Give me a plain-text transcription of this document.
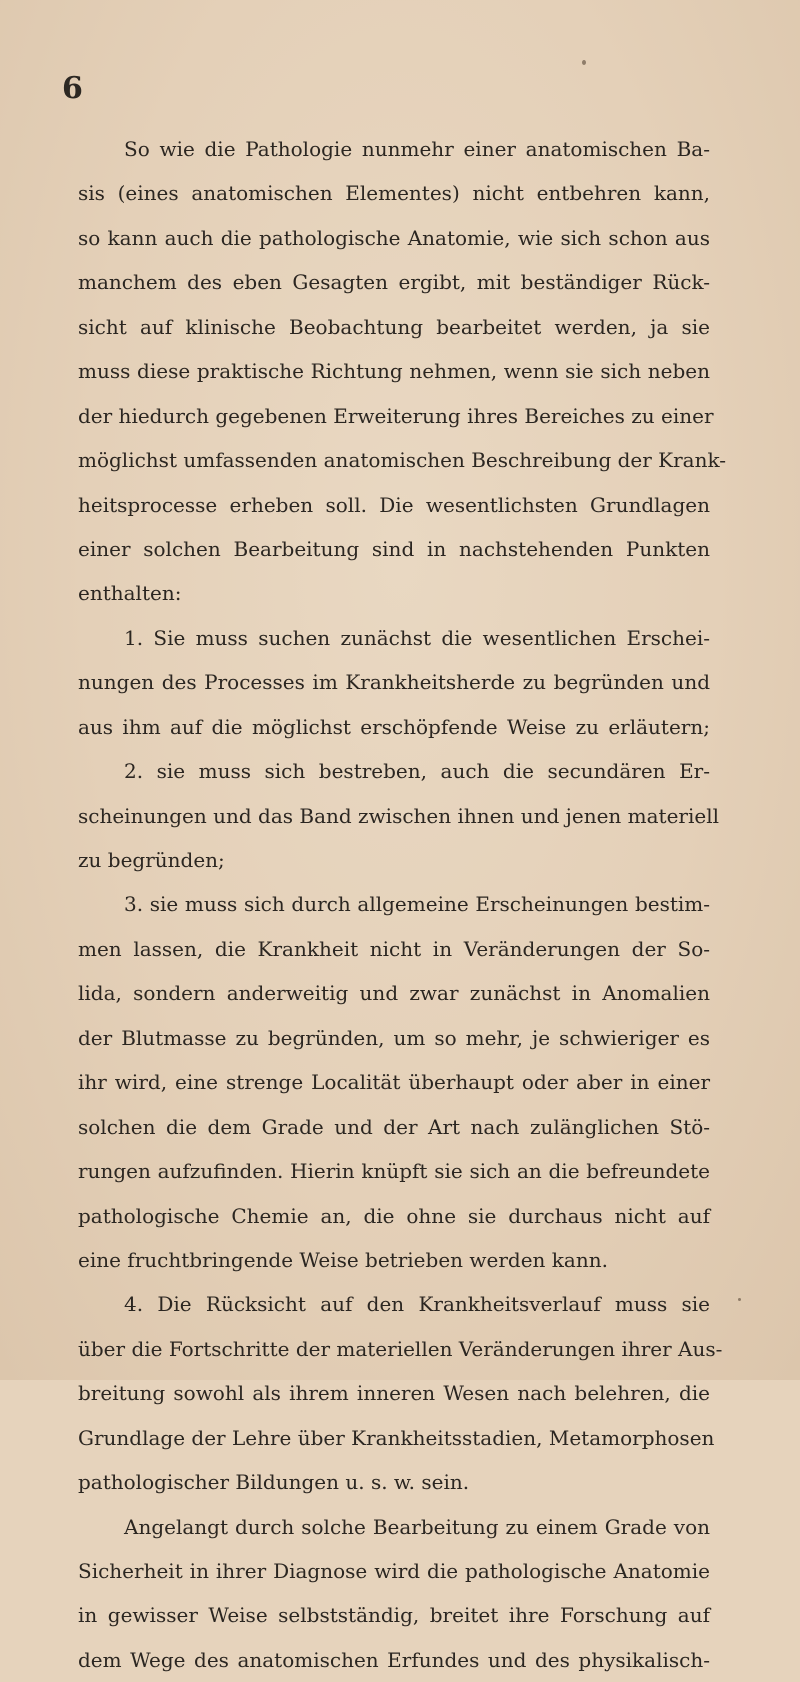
6
So wie die Pathologie nunmehr einer anatomischen Ba-
sis (eines anatomischen Elementes) nicht entbehren kann,
so kann auch die pathologische Anatomie, wie sich schon aus
manchem des eben Gesagten ergibt, mit beständiger Rück-
sicht auf klinische Beobachtung bearbeitet werden, ja sie
muss diese praktische Richtung nehmen, wenn sie sich neben
der hiedurch gegebenen Erweiterung ihres Bereiches zu einer
möglichst umfassenden anatomischen Beschreibung der Krank-
heitsprocesse erheben soll. Die wesentlichsten Grundlagen
einer solchen Bearbeitung sind in nachstehenden Punkten
enthalten:
1. Sie muss suchen zunächst die wesentlichen Erschei-
nungen des Processes im Krankheitsherde zu begründen und
aus ihm auf die möglichst erschöpfende Weise zu erläutern;
2. sie muss sich bestreben, auch die secundären Er-
scheinungen und das Band zwischen ihnen und jenen materiell
zu begründen;
3. sie muss sich durch allgemeine Erscheinungen bestim-
men lassen, die Krankheit nicht in Veränderungen der So-
lida, sondern anderweitig und zwar zunächst in Anomalien
der Blutmasse zu begründen, um so mehr, je schwieriger es
ihr wird, eine strenge Localität überhaupt oder aber in einer
solchen die dem Grade und der Art nach zulänglichen Stö-
rungen aufzufinden. Hierin knüpft sie sich an die befreundete
pathologische Chemie an, die ohne sie durchaus nicht auf
eine fruchtbringende Weise betrieben werden kann.
4. Die Rücksicht auf den Krankheitsverlauf muss sie
über die Fortschritte der materiellen Veränderungen ihrer Aus-
breitung sowohl als ihrem inneren Wesen nach belehren, die
Grundlage der Lehre über Krankheitsstadien, Metamorphosen
pathologischer Bildungen u. s. w. sein.
Angelangt durch solche Bearbeitung zu einem Grade von
Sicherheit in ihrer Diagnose wird die pathologische Anatomie
in gewisser Weise selbstständig, breitet ihre Forschung auf
dem Wege des anatomischen Erfundes und des physikalisch-
